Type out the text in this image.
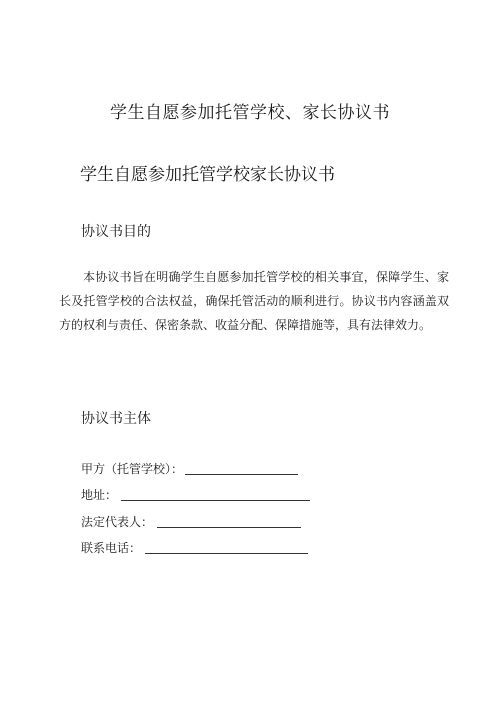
学生自愿参加托管学校、家长协议书
学生自愿参加托管学校家长协议书
协议书目的

本协议书旨在明确学生自愿参加托管学校的相关事宜，保障学生、家长及托管学校的合法权益，确保托管活动的顺利进行。协议书内容涵盖双方的权利与责任、保密条款、收益分配、保障措施等，具有法律效力。

协议书主体
甲方（托管学校）：
地址：
法定代表人：
联系电话：
